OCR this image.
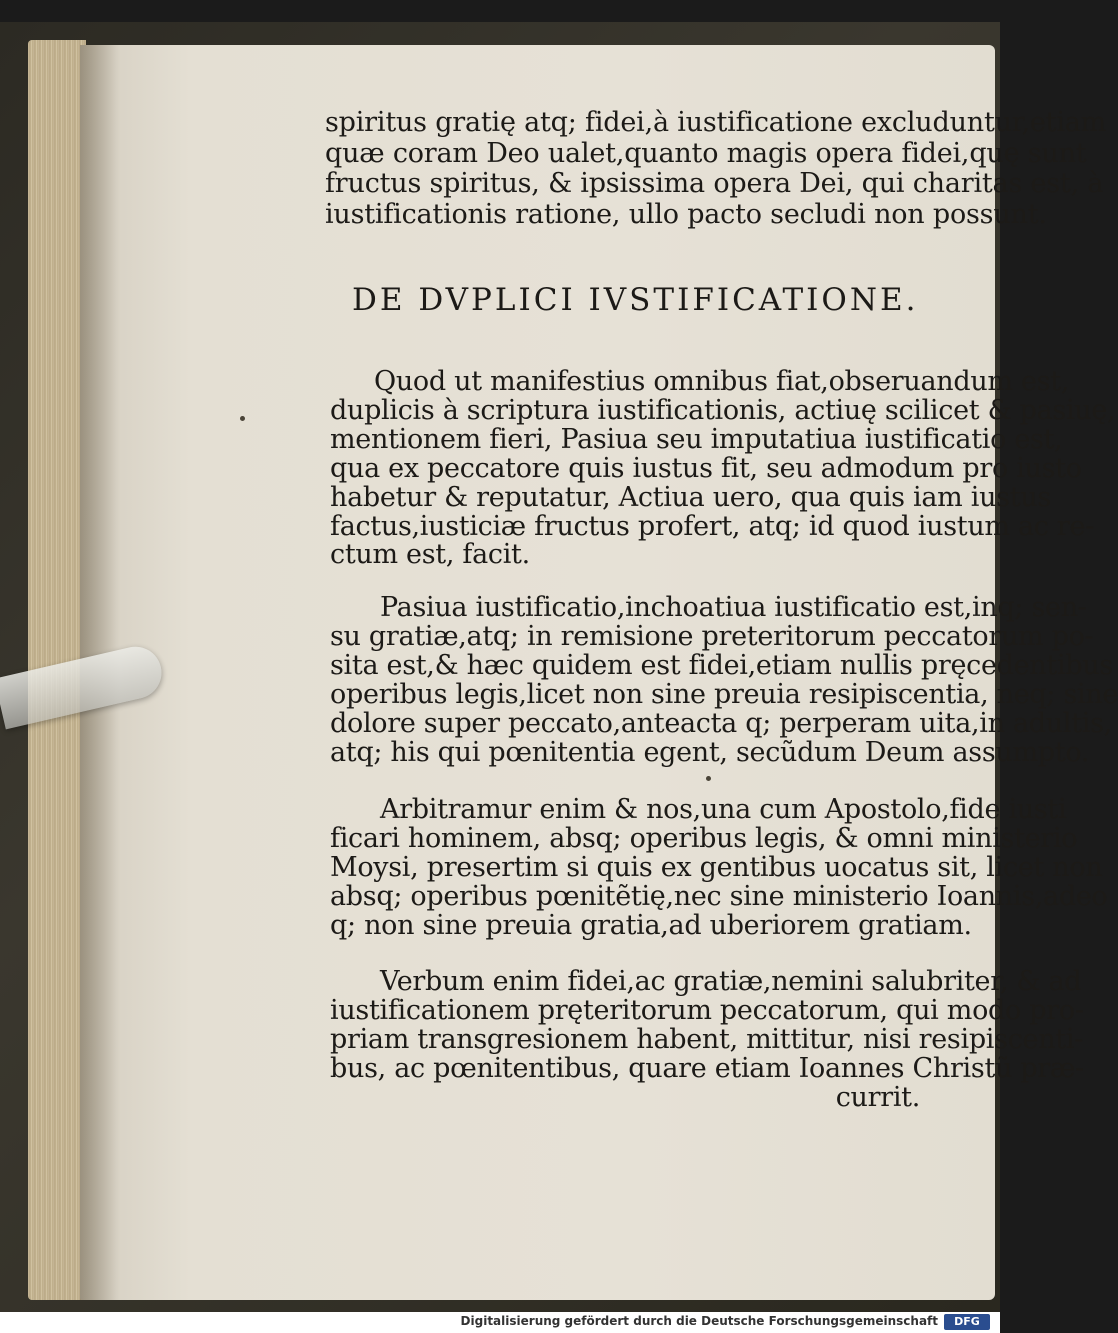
spiritus gratię atq; fidei,à iustificatione excluduntur,etiam
quæ coram Deo ualet,quanto magis opera fidei,quę sunt
fructus spiritus, & ipsissima opera Dei, qui charitas est, à
iustificationis ratione, ullo pacto secludi non possunt.
DE DVPLICI IVSTIFICATIONE.
Quod ut manifestius omnibus fiat,obseruandum est,
duplicis à scriptura iustificationis, actiuę scilicet & pasiuę,
mentionem fieri, Pasiua seu imputatiua iustificatio est,
qua ex peccatore quis iustus fit, seu admodum pro iusto
habetur & reputatur, Actiua uero, qua quis iam iustus
factus,iusticiæ fructus profert, atq; id quod iustum ac re-
ctum est, facit.
Pasiua iustificatio,inchoatiua iustificatio est,inq; sen-
su gratiæ,atq; in remisione preteritorum peccatorum po-
sita est,& hæc quidem est fidei,etiam nullis pręcedentibus
operibus legis,licet non sine preuia resipiscentia, neq; sine
dolore super peccato,anteacta q; perperam uita,in adultis,
atq; his qui pœnitentia egent, secũdum Deum assumpto.
Arbitramur enim & nos,una cum Apostolo,fide iusti
ficari hominem, absq; operibus legis, & omni ministerio
Moysi, presertim si quis ex gentibus uocatus sit, licet non
absq; operibus pœnitẽtię,nec sine ministerio Ioannis,adeo
q; non sine preuia gratia,ad uberiorem gratiam.
Verbum enim fidei,ac gratiæ,nemini salubriter, & ad
iustificationem pręteritorum peccatorum, qui modo pro-
priam transgresionem habent, mittitur, nisi resipiscenti-
bus, ac pœnitentibus, quare etiam Ioannes Christũ præ-
currit.
Digitalisierung gefördert durch die Deutsche Forschungsgemeinschaft	DFG
